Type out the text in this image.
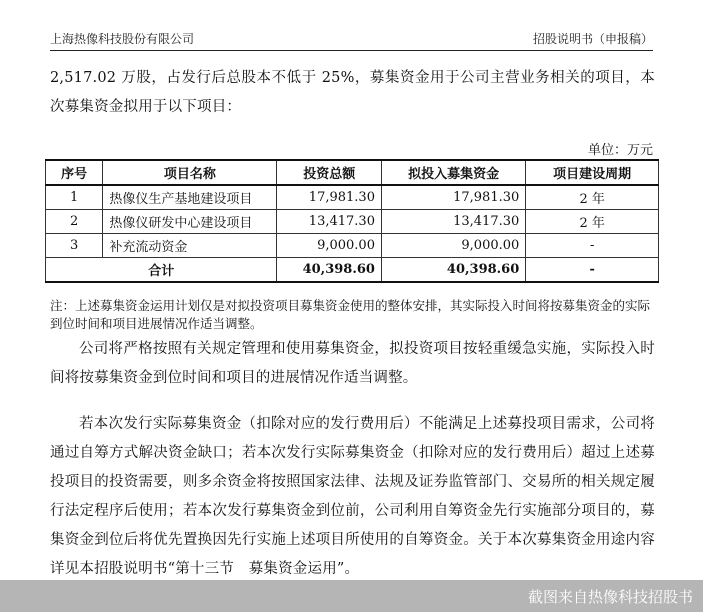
上海热像科技股份有限公司	招股说明书（申报稿）

2,517.02 万股，占发行后总股本不低于 25%，募集资金用于公司主营业务相关的项目，本次募集资金拟用于以下项目：

单位：万元
序号	项目名称	投资总额	拟投入募集资金	项目建设周期
1	热像仪生产基地建设项目	17,981.30	17,981.30	2 年
2	热像仪研发中心建设项目	13,417.30	13,417.30	2 年
3	补充流动资金	9,000.00	9,000.00	-
合计		40,398.60	40,398.60	-

注：上述募集资金运用计划仅是对拟投资项目募集资金使用的整体安排，其实际投入时间将按募集资金的实际到位时间和项目进展情况作适当调整。

公司将严格按照有关规定管理和使用募集资金，拟投资项目按轻重缓急实施，实际投入时间将按募集资金到位时间和项目的进展情况作适当调整。

若本次发行实际募集资金（扣除对应的发行费用后）不能满足上述募投项目需求，公司将通过自筹方式解决资金缺口；若本次发行实际募集资金（扣除对应的发行费用后）超过上述募投项目的投资需要，则多余资金将按照国家法律、法规及证券监管部门、交易所的相关规定履行法定程序后使用；若本次发行募集资金到位前，公司利用自筹资金先行实施部分项目的，募集资金到位后将优先置换因先行实施上述项目所使用的自筹资金。关于本次募集资金用途内容详见本招股说明书“第十三节　募集资金运用”。

截图来自热像科技招股书
